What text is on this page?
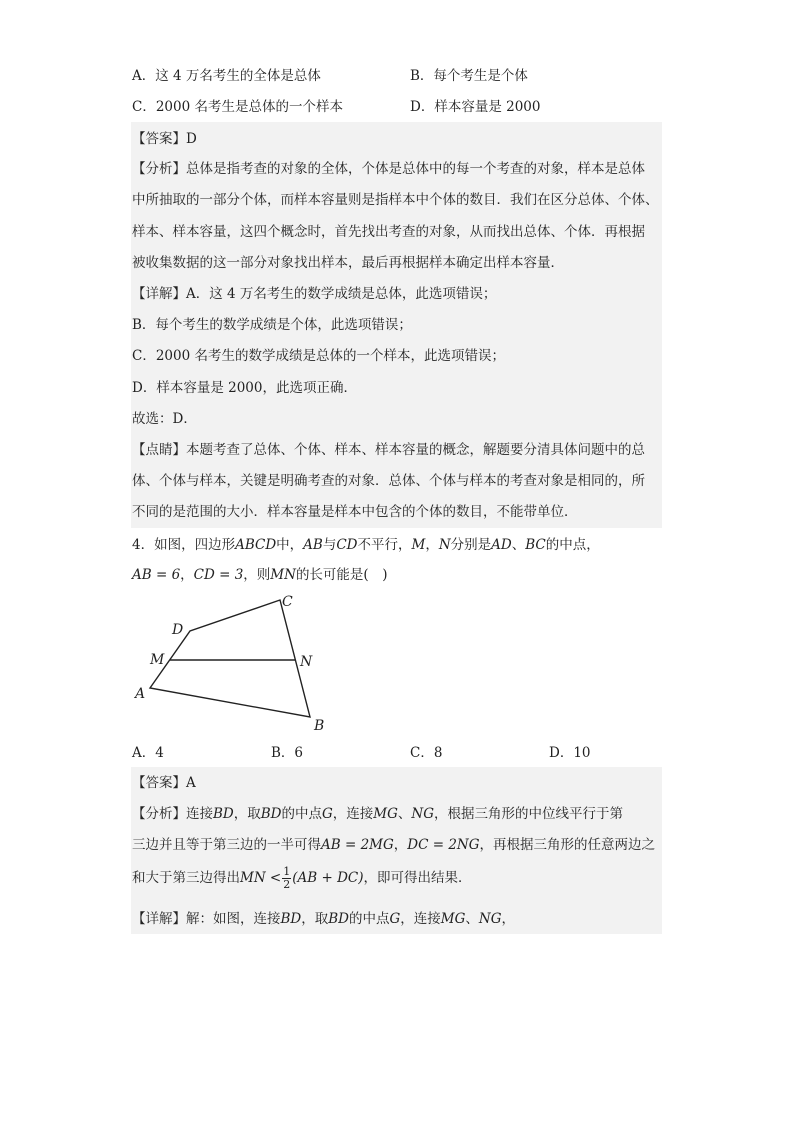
A．这 4 万名考生的全体是总体	B．每个考生是个体
C．2000 名考生是总体的一个样本	D．样本容量是 2000
【答案】D
【分析】总体是指考查的对象的全体，个体是总体中的每一个考查的对象，样本是总体
中所抽取的一部分个体，而样本容量则是指样本中个体的数目．我们在区分总体、个体、
样本、样本容量，这四个概念时，首先找出考查的对象，从而找出总体、个体．再根据
被收集数据的这一部分对象找出样本，最后再根据样本确定出样本容量．
【详解】A．这 4 万名考生的数学成绩是总体，此选项错误；
B．每个考生的数学成绩是个体，此选项错误；
C．2000 名考生的数学成绩是总体的一个样本，此选项错误；
D．样本容量是 2000，此选项正确．
故选：D．
【点睛】本题考查了总体、个体、样本、样本容量的概念，解题要分清具体问题中的总
体、个体与样本，关键是明确考查的对象．总体、个体与样本的考查对象是相同的，所
不同的是范围的大小．样本容量是样本中包含的个体的数目，不能带单位．
4．如图，四边形ABCD中，AB与CD不平行，M，N分别是AD、BC的中点，
AB = 6，CD = 3，则MN的长可能是(　)
A
B
C
D
M	N
A．4	B．6	C．8	D．10
【答案】A
【分析】连接BD，取BD的中点G，连接MG、NG，根据三角形的中位线平行于第
三边并且等于第三边的一半可得AB = 2MG，DC = 2NG，再根据三角形的任意两边之
和大于第三边得出MN < $\frac{1}{2} (AB + DC)$，即可得出结果．
【详解】解：如图，连接BD，取BD的中点G，连接MG、NG，
